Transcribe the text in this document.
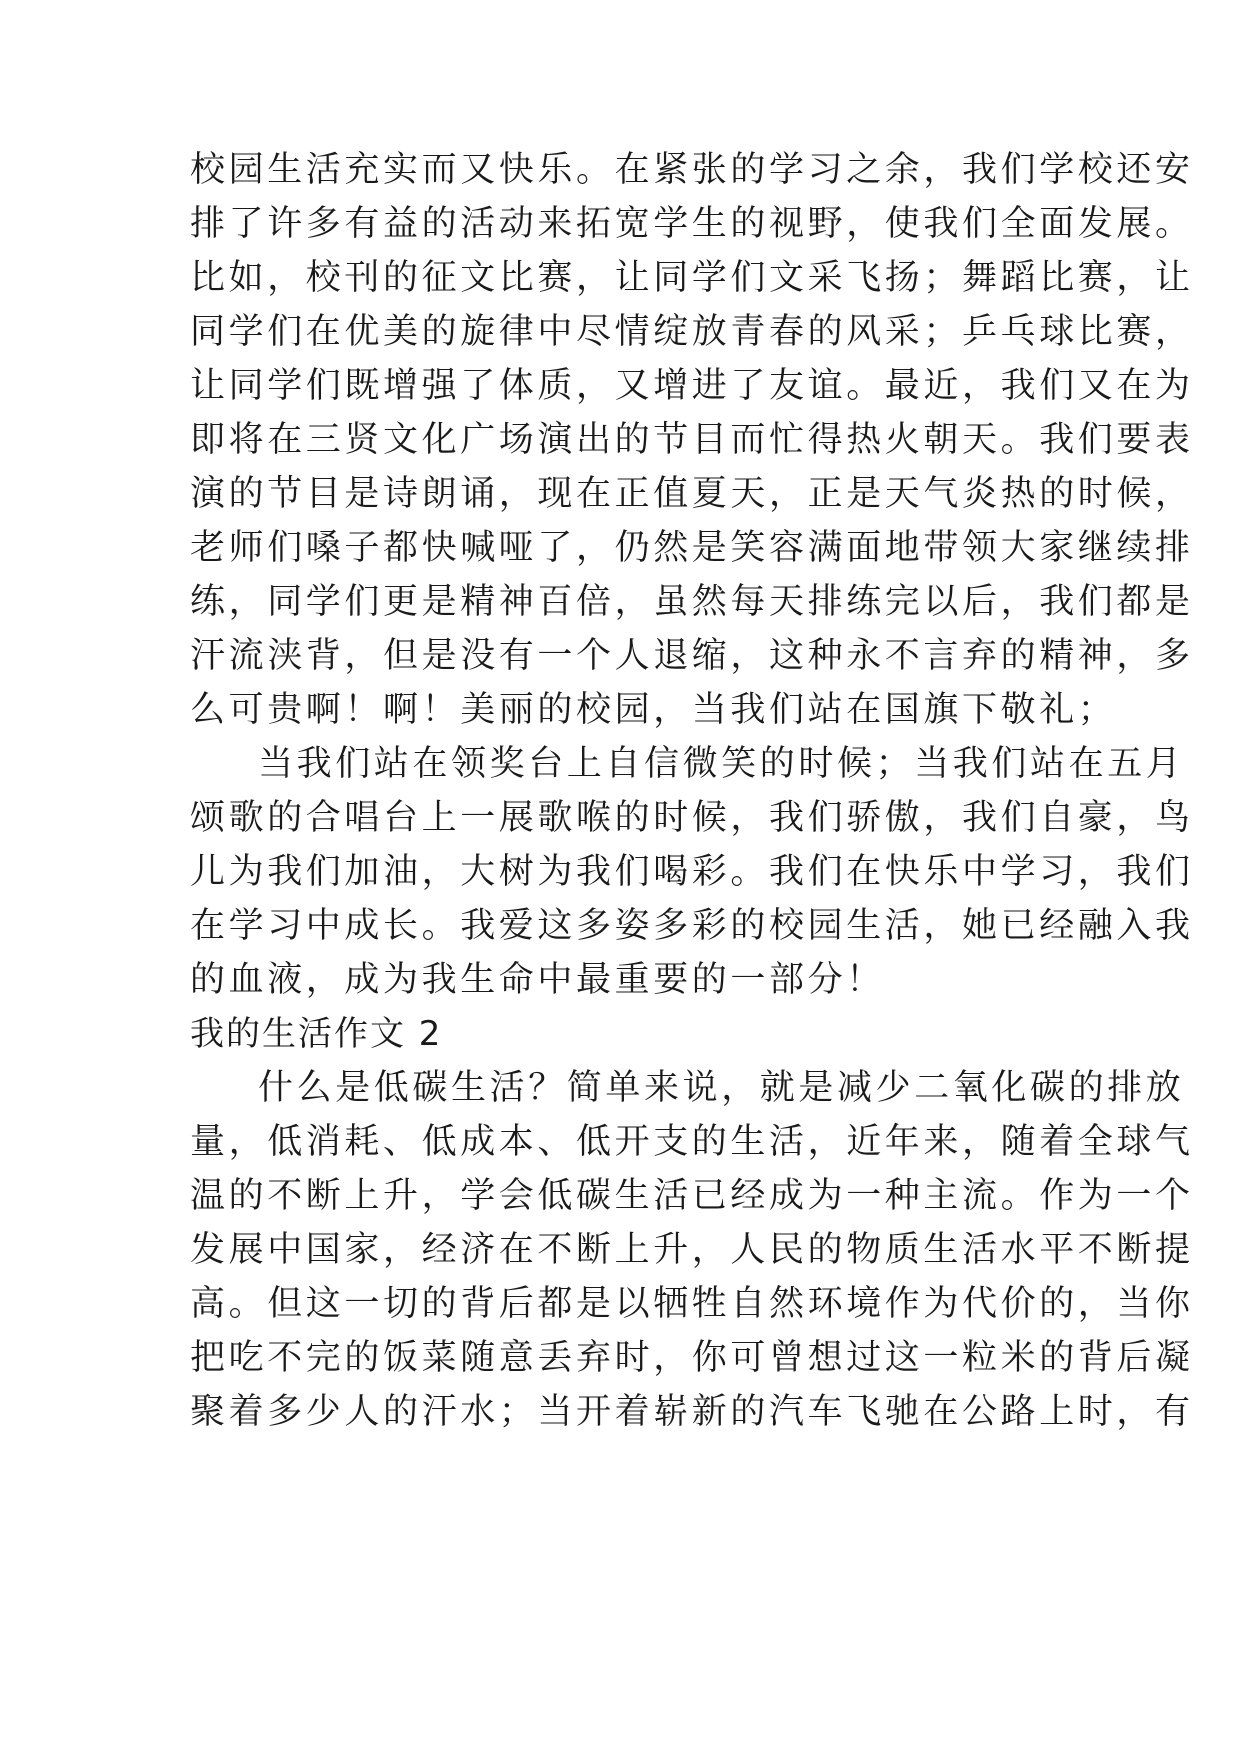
校园生活充实而又快乐。在紧张的学习之余，我们学校还安
排了许多有益的活动来拓宽学生的视野，使我们全面发展。
比如，校刊的征文比赛，让同学们文采飞扬；舞蹈比赛，让
同学们在优美的旋律中尽情绽放青春的风采；乒乓球比赛，
让同学们既增强了体质，又增进了友谊。最近，我们又在为
即将在三贤文化广场演出的节目而忙得热火朝天。我们要表
演的节目是诗朗诵，现在正值夏天，正是天气炎热的时候，
老师们嗓子都快喊哑了，仍然是笑容满面地带领大家继续排
练，同学们更是精神百倍，虽然每天排练完以后，我们都是
汗流浃背，但是没有一个人退缩，这种永不言弃的精神，多
么可贵啊！啊！美丽的校园，当我们站在国旗下敬礼；
当我们站在领奖台上自信微笑的时候；当我们站在五月
颂歌的合唱台上一展歌喉的时候，我们骄傲，我们自豪，鸟
儿为我们加油，大树为我们喝彩。我们在快乐中学习，我们
在学习中成长。我爱这多姿多彩的校园生活，她已经融入我
的血液，成为我生命中最重要的一部分！
我的生活作文 2
什么是低碳生活？简单来说，就是减少二氧化碳的排放
量，低消耗、低成本、低开支的生活，近年来，随着全球气
温的不断上升，学会低碳生活已经成为一种主流。作为一个
发展中国家，经济在不断上升，人民的物质生活水平不断提
高。但这一切的背后都是以牺牲自然环境作为代价的，当你
把吃不完的饭菜随意丢弃时，你可曾想过这一粒米的背后凝
聚着多少人的汗水；当开着崭新的汽车飞驰在公路上时，有
